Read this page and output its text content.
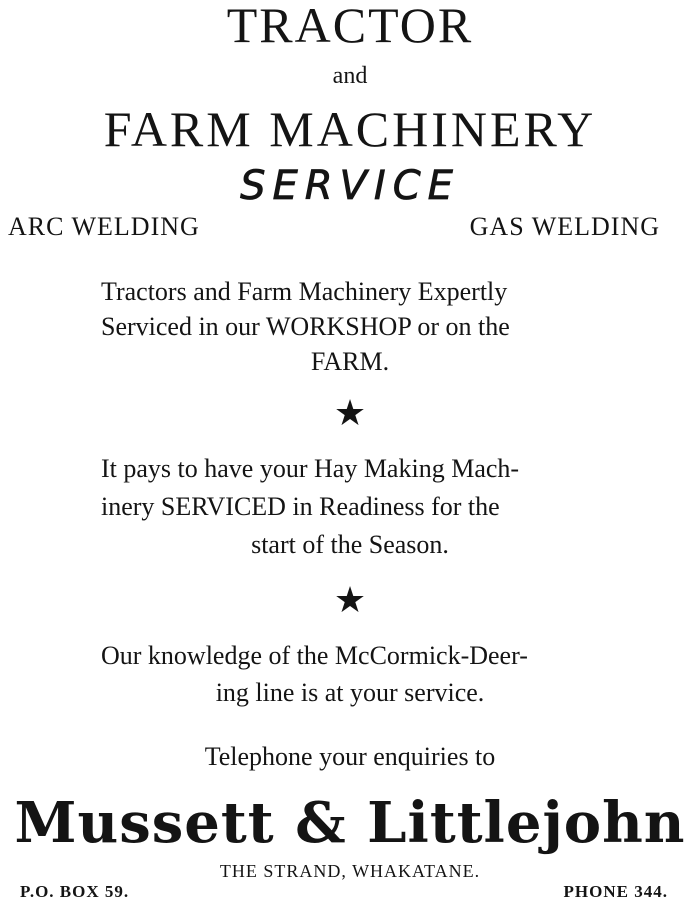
TRACTOR
and
FARM MACHINERY
SERVICE
ARC WELDING	GAS WELDING
Tractors and Farm Machinery Expertly
Serviced in our WORKSHOP or on the
FARM.
★
It pays to have your Hay Making Mach-
inery SERVICED in Readiness for the
start of the Season.
★
Our knowledge of the McCormick-Deer-
ing line is at your service.
Telephone your enquiries to
Mussett & Littlejohn
THE STRAND, WHAKATANE.
P.O. BOX 59.	PHONE 344.
